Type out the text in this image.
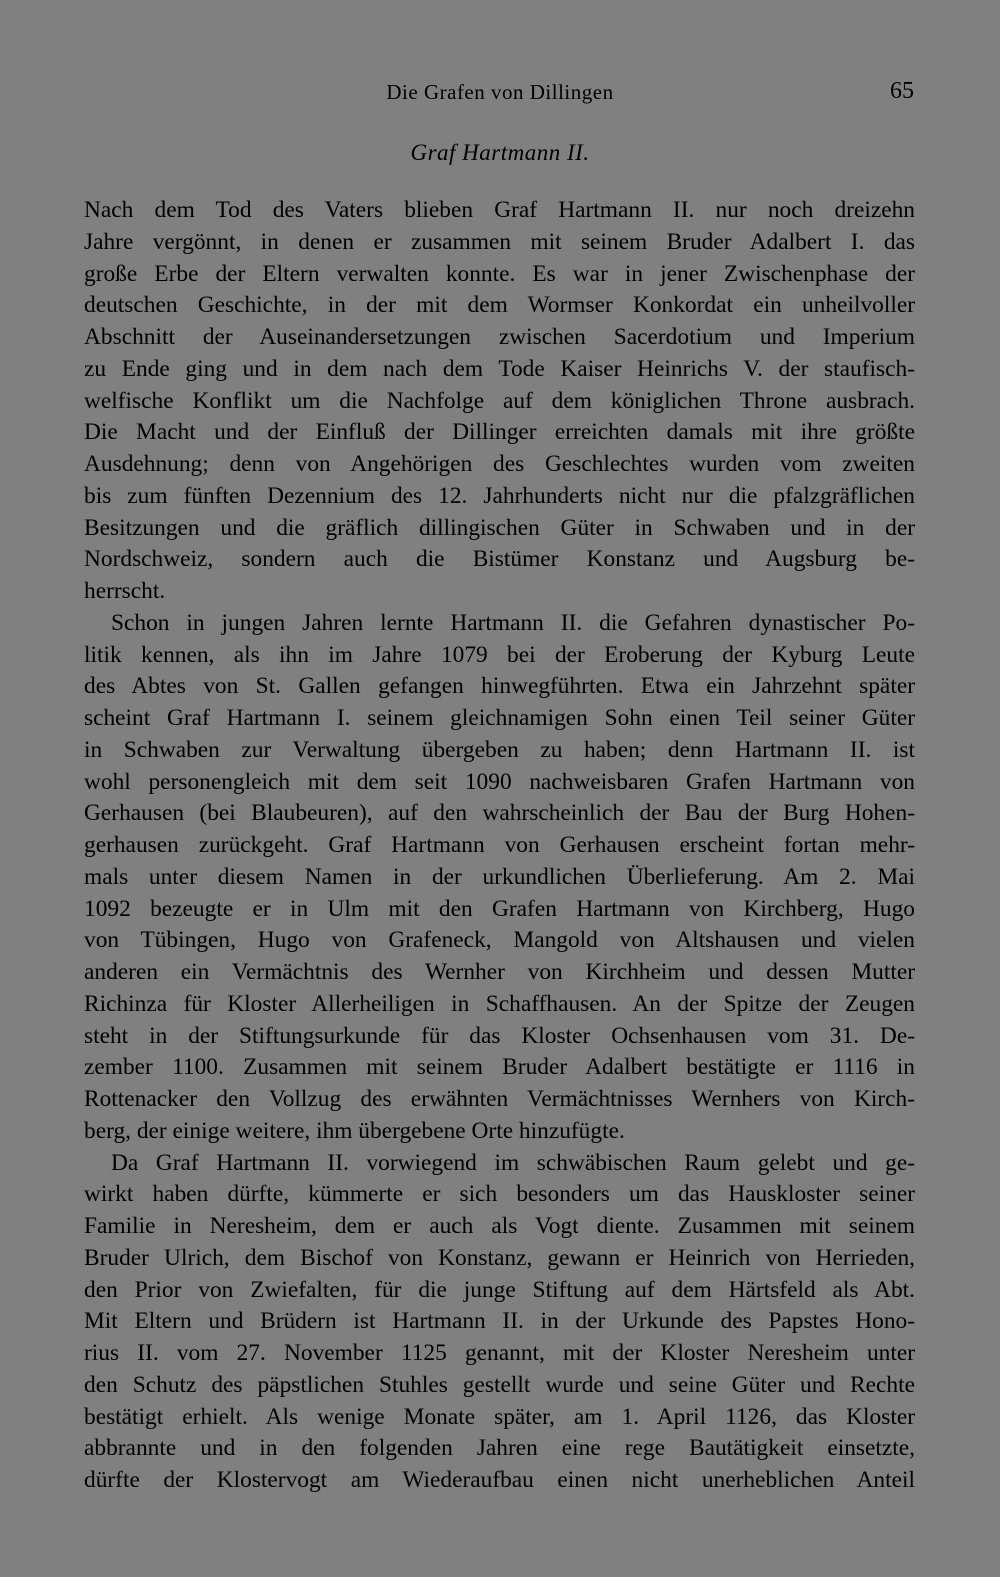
Die Grafen von Dillingen	65
Graf Hartmann II.
Nach dem Tod des Vaters blieben Graf Hartmann II. nur noch dreizehn
Jahre vergönnt, in denen er zusammen mit seinem Bruder Adalbert I. das
große Erbe der Eltern verwalten konnte. Es war in jener Zwischenphase der
deutschen Geschichte, in der mit dem Wormser Konkordat ein unheilvoller
Abschnitt der Auseinandersetzungen zwischen Sacerdotium und Imperium
zu Ende ging und in dem nach dem Tode Kaiser Heinrichs V. der staufisch-
welfische Konflikt um die Nachfolge auf dem königlichen Throne ausbrach.
Die Macht und der Einfluß der Dillinger erreichten damals mit ihre größte
Ausdehnung; denn von Angehörigen des Geschlechtes wurden vom zweiten
bis zum fünften Dezennium des 12. Jahrhunderts nicht nur die pfalzgräflichen
Besitzungen und die gräflich dillingischen Güter in Schwaben und in der
Nordschweiz, sondern auch die Bistümer Konstanz und Augsburg be-
herrscht.
Schon in jungen Jahren lernte Hartmann II. die Gefahren dynastischer Po-
litik kennen, als ihn im Jahre 1079 bei der Eroberung der Kyburg Leute
des Abtes von St. Gallen gefangen hinwegführten. Etwa ein Jahrzehnt später
scheint Graf Hartmann I. seinem gleichnamigen Sohn einen Teil seiner Güter
in Schwaben zur Verwaltung übergeben zu haben; denn Hartmann II. ist
wohl personengleich mit dem seit 1090 nachweisbaren Grafen Hartmann von
Gerhausen (bei Blaubeuren), auf den wahrscheinlich der Bau der Burg Hohen-
gerhausen zurückgeht. Graf Hartmann von Gerhausen erscheint fortan mehr-
mals unter diesem Namen in der urkundlichen Überlieferung. Am 2. Mai
1092 bezeugte er in Ulm mit den Grafen Hartmann von Kirchberg, Hugo
von Tübingen, Hugo von Grafeneck, Mangold von Altshausen und vielen
anderen ein Vermächtnis des Wernher von Kirchheim und dessen Mutter
Richinza für Kloster Allerheiligen in Schaffhausen. An der Spitze der Zeugen
steht in der Stiftungsurkunde für das Kloster Ochsenhausen vom 31. De-
zember 1100. Zusammen mit seinem Bruder Adalbert bestätigte er 1116 in
Rottenacker den Vollzug des erwähnten Vermächtnisses Wernhers von Kirch-
berg, der einige weitere, ihm übergebene Orte hinzufügte.
Da Graf Hartmann II. vorwiegend im schwäbischen Raum gelebt und ge-
wirkt haben dürfte, kümmerte er sich besonders um das Hauskloster seiner
Familie in Neresheim, dem er auch als Vogt diente. Zusammen mit seinem
Bruder Ulrich, dem Bischof von Konstanz, gewann er Heinrich von Herrieden,
den Prior von Zwiefalten, für die junge Stiftung auf dem Härtsfeld als Abt.
Mit Eltern und Brüdern ist Hartmann II. in der Urkunde des Papstes Hono-
rius II. vom 27. November 1125 genannt, mit der Kloster Neresheim unter
den Schutz des päpstlichen Stuhles gestellt wurde und seine Güter und Rechte
bestätigt erhielt. Als wenige Monate später, am 1. April 1126, das Kloster
abbrannte und in den folgenden Jahren eine rege Bautätigkeit einsetzte,
dürfte der Klostervogt am Wiederaufbau einen nicht unerheblichen Anteil
